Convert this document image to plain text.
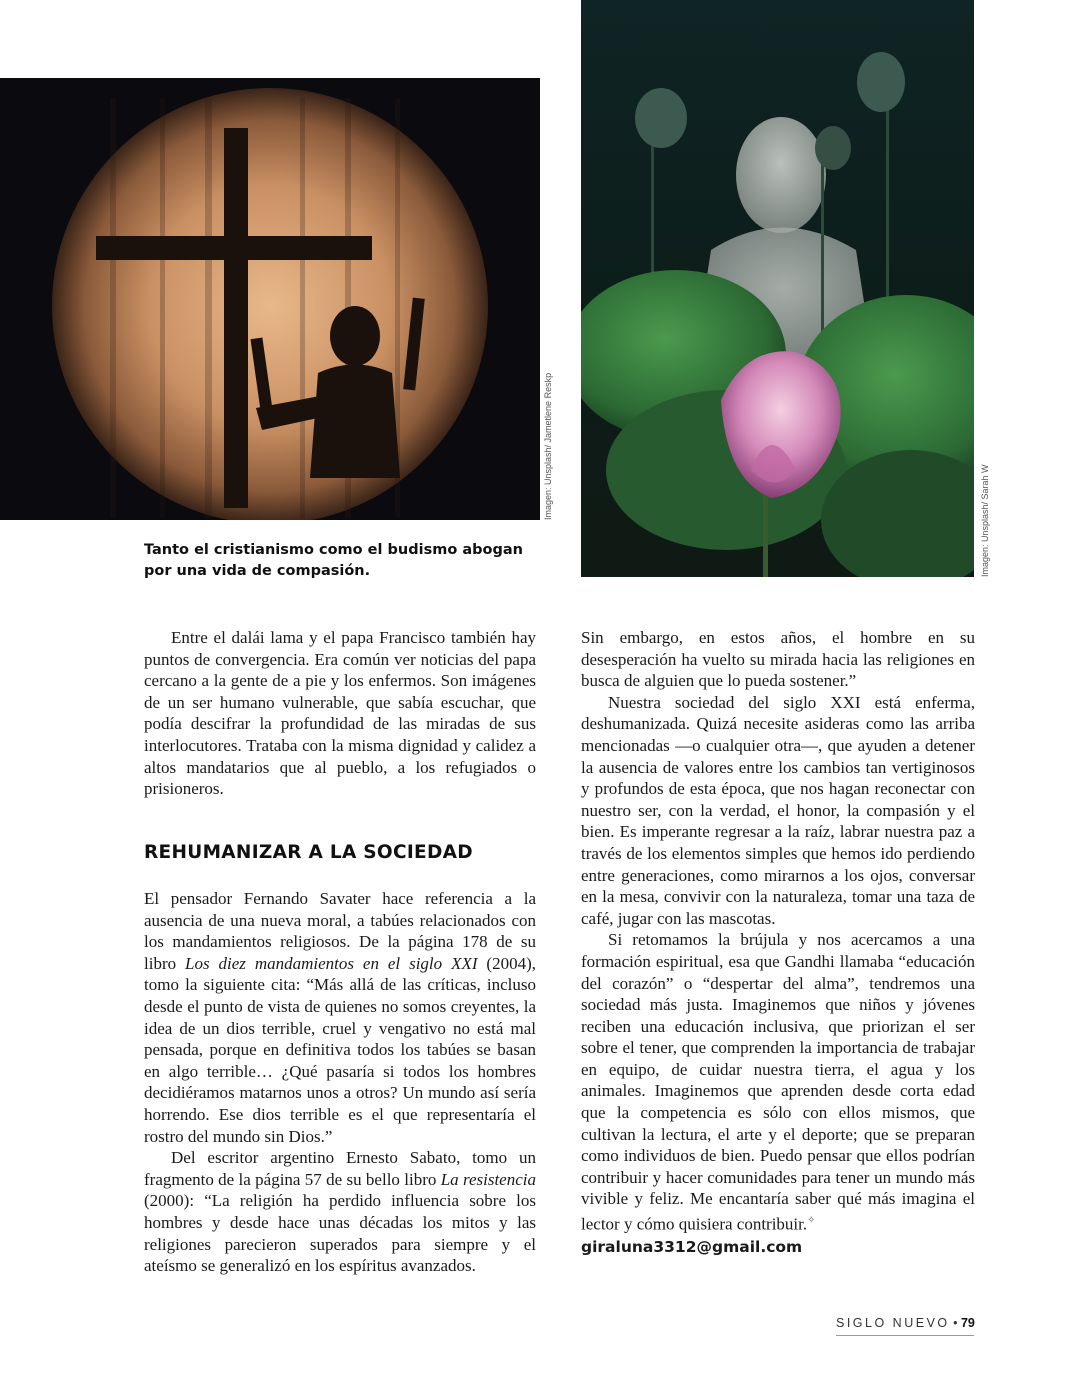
Imagen: Unsplash/ Jametlene Reskp
Imagen: Unsplash/ Sarah W

Tanto el cristianismo como el budismo abogan por una vida de compasión.

Entre el dalái lama y el papa Francisco también hay puntos de convergencia. Era común ver noticias del papa cercano a la gente de a pie y los enfermos. Son imágenes de un ser humano vulnerable, que sabía escuchar, que podía descifrar la profundidad de las miradas de sus interlocutores. Trataba con la misma dignidad y calidez a altos mandatarios que al pueblo, a los refugiados o prisioneros.

REHUMANIZAR A LA SOCIEDAD

El pensador Fernando Savater hace referencia a la ausencia de una nueva moral, a tabúes relacionados con los mandamientos religiosos. De la página 178 de su libro Los diez mandamientos en el siglo XXI (2004), tomo la siguiente cita: “Más allá de las críticas, incluso desde el punto de vista de quienes no somos creyentes, la idea de un dios terrible, cruel y vengativo no está mal pensada, porque en definitiva todos los tabúes se basan en algo terrible… ¿Qué pasaría si todos los hombres decidiéramos matarnos unos a otros? Un mundo así sería horrendo. Ese dios terrible es el que representaría el rostro del mundo sin Dios.”

Del escritor argentino Ernesto Sabato, tomo un fragmento de la página 57 de su bello libro La resistencia (2000): “La religión ha perdido influencia sobre los hombres y desde hace unas décadas los mitos y las religiones parecieron superados para siempre y el ateísmo se generalizó en los espíritus avanzados.

Sin embargo, en estos años, el hombre en su desesperación ha vuelto su mirada hacia las religiones en busca de alguien que lo pueda sostener.”

Nuestra sociedad del siglo XXI está enferma, deshumanizada. Quizá necesite asideras como las arriba mencionadas —o cualquier otra—, que ayuden a detener la ausencia de valores entre los cambios tan vertiginosos y profundos de esta época, que nos hagan reconectar con nuestro ser, con la verdad, el honor, la compasión y el bien. Es imperante regresar a la raíz, labrar nuestra paz a través de los elementos simples que hemos ido perdiendo entre generaciones, como mirarnos a los ojos, conversar en la mesa, convivir con la naturaleza, tomar una taza de café, jugar con las mascotas.

Si retomamos la brújula y nos acercamos a una formación espiritual, esa que Gandhi llamaba “educación del corazón” o “despertar del alma”, tendremos una sociedad más justa. Imaginemos que niños y jóvenes reciben una educación inclusiva, que priorizan el ser sobre el tener, que comprenden la importancia de trabajar en equipo, de cuidar nuestra tierra, el agua y los animales. Imaginemos que aprenden desde corta edad que la competencia es sólo con ellos mismos, que cultivan la lectura, el arte y el deporte; que se preparan como individuos de bien. Puedo pensar que ellos podrían contribuir y hacer comunidades para tener un mundo más vivible y feliz. Me encantaría saber qué más imagina el lector y cómo quisiera contribuir.✧

giraluna3312@gmail.com
SIGLO NUEVO • 79
